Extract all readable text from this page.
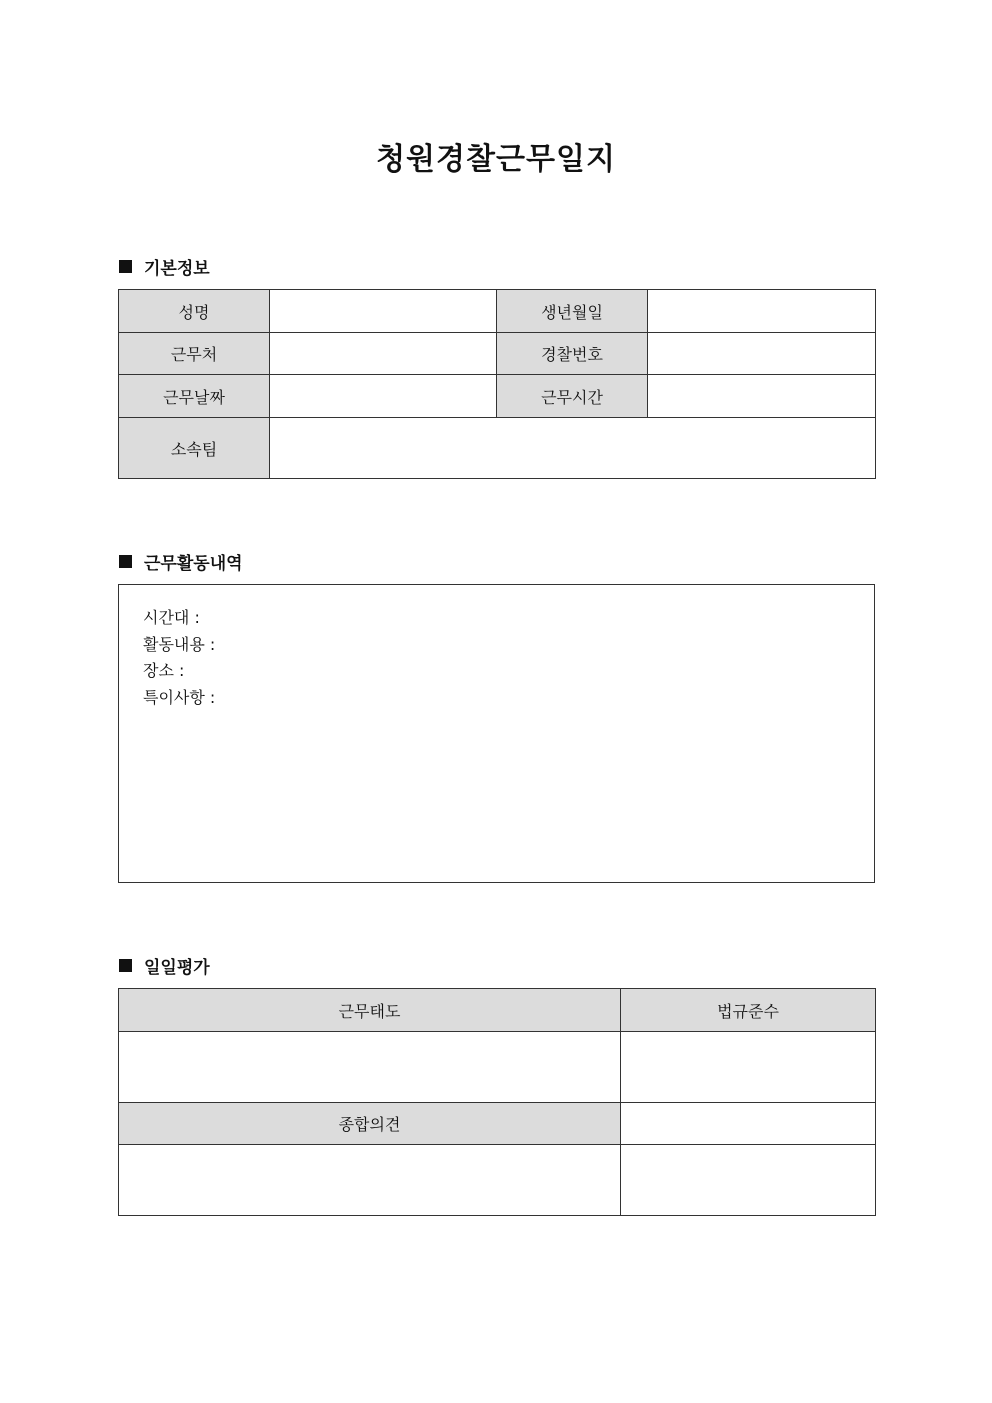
청원경찰근무일지
기본정보
성명		생년월일	
근무처		경찰번호	
근무날짜		근무시간	
소속팀			
근무활동내역
시간대 :
활동내용 :
장소 :
특이사항 :
일일평가
근무태도	법규준수

종합의견	
